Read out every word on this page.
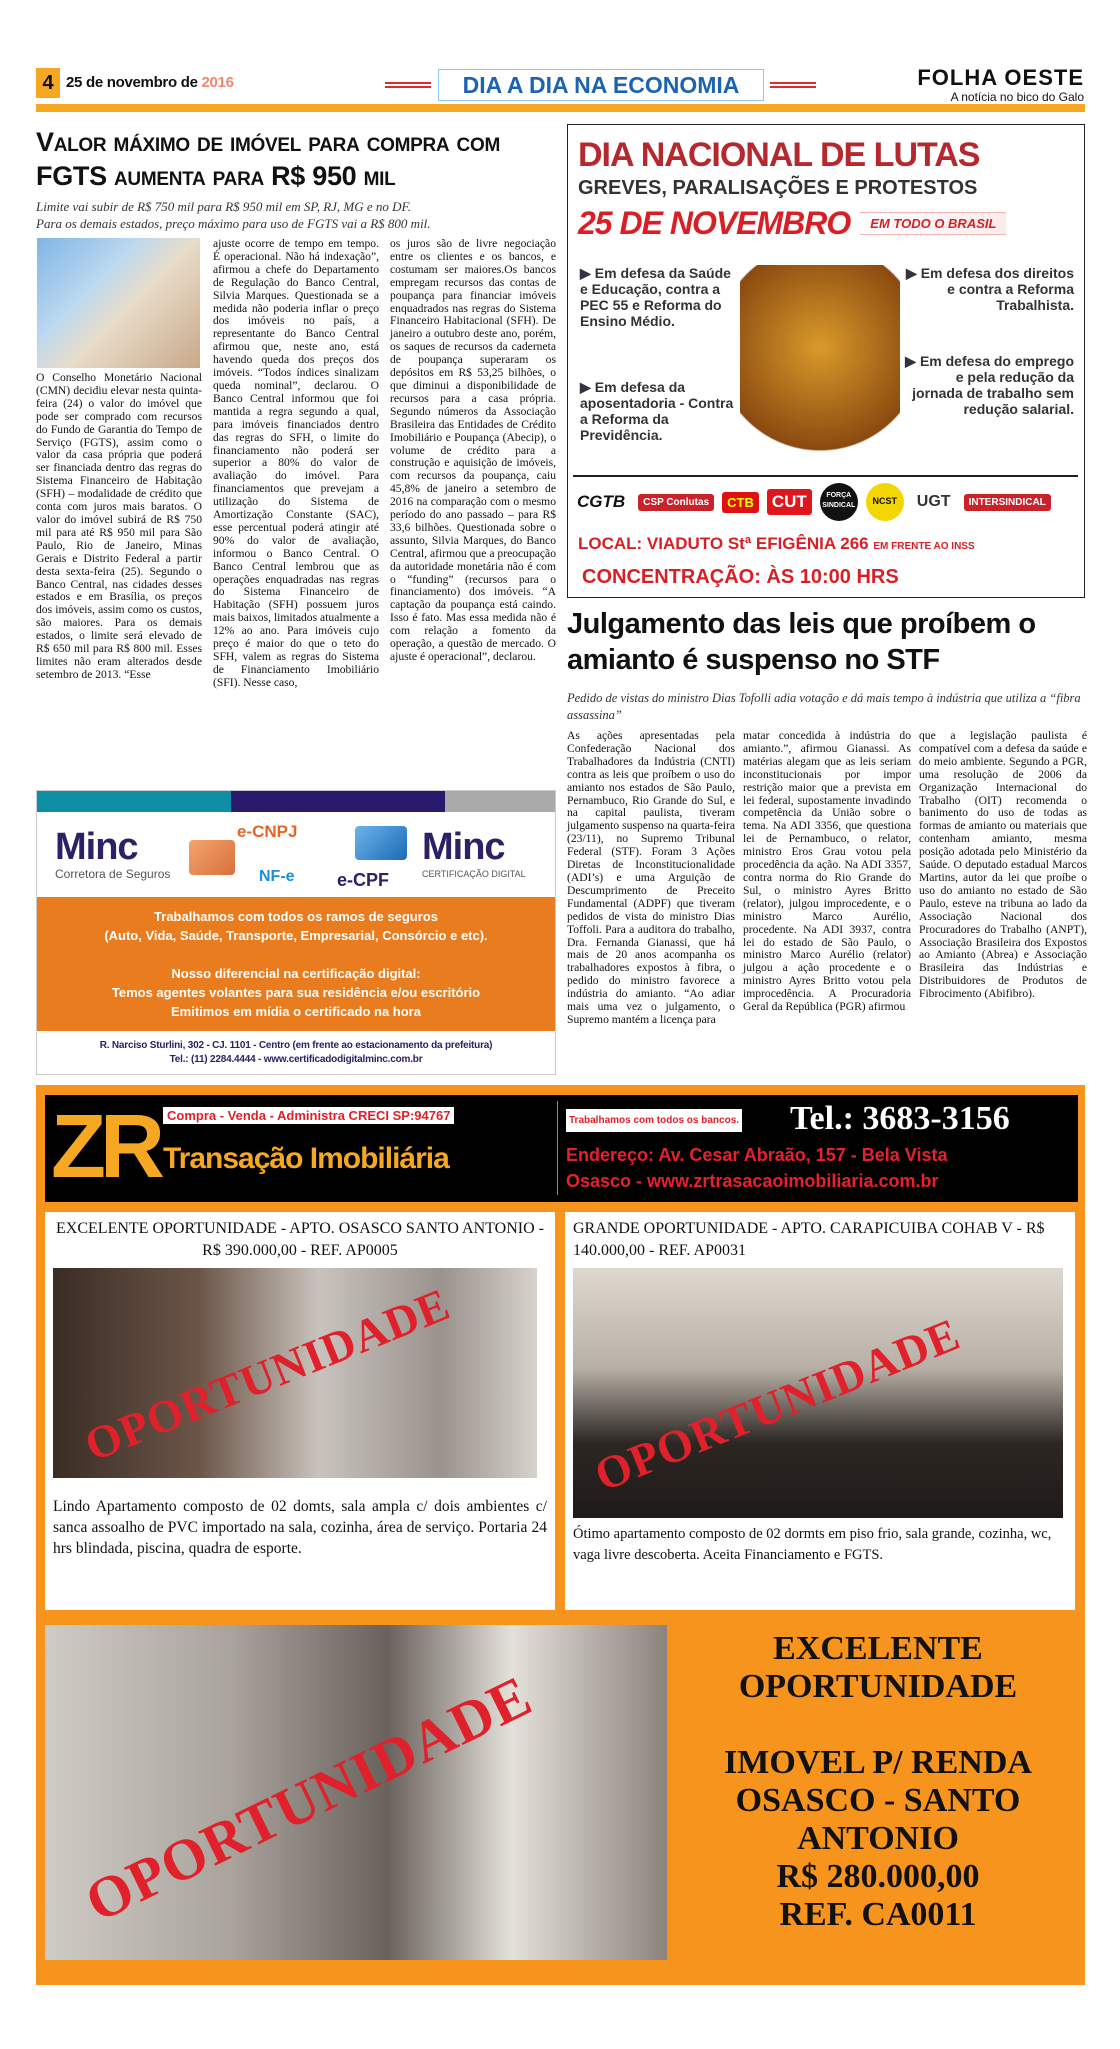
4 25 de novembro de 2016	DIA A DIA NA ECONOMIA	FOLHA OESTE
A notícia no bico do Galo
Valor máximo de imóvel para compra com FGTS aumenta para R$ 950 mil
Limite vai subir de R$ 750 mil para R$ 950 mil em SP, RJ, MG e no DF.
Para os demais estados, preço máximo para uso de FGTS vai a R$ 800 mil.

O Conselho Monetário Nacional (CMN) decidiu elevar nesta quinta-feira (24) o valor do imóvel que pode ser comprado com recursos do Fundo de Garantia do Tempo de Serviço (FGTS), assim como o valor da casa própria que poderá ser financiada dentro das regras do Sistema Financeiro de Habitação (SFH) – modalidade de crédito que conta com juros mais baratos. O valor do imóvel subirá de R$ 750 mil para até R$ 950 mil para São Paulo, Rio de Janeiro, Minas Gerais e Distrito Federal a partir desta sexta-feira (25). Segundo o Banco Central, nas cidades desses estados e em Brasília, os preços dos imóveis, assim como os custos, são maiores. Para os demais estados, o limite será elevado de R$ 650 mil para R$ 800 mil. Esses limites não eram alterados desde setembro de 2013. “Esse

ajuste ocorre de tempo em tempo. É operacional. Não há indexação”, afirmou a chefe do Departamento de Regulação do Banco Central, Silvia Marques. Questionada se a medida não poderia inflar o preço dos imóveis no país, a representante do Banco Central afirmou que, neste ano, está havendo queda dos preços dos imóveis. “Todos índices sinalizam queda nominal”, declarou. O Banco Central informou que foi mantida a regra segundo a qual, para imóveis financiados dentro das regras do SFH, o limite do financiamento não poderá ser superior a 80% do valor de avaliação do imóvel. Para financiamentos que prevejam a utilização do Sistema de Amortização Constante (SAC), esse percentual poderá atingir até 90% do valor de avaliação, informou o Banco Central. O Banco Central lembrou que as operações enquadradas nas regras do Sistema Financeiro de Habitação (SFH) possuem juros mais baixos, limitados atualmente a 12% ao ano. Para imóveis cujo preço é maior do que o teto do SFH, valem as regras do Sistema de Financiamento Imobiliário (SFI). Nesse caso,

os juros são de livre negociação entre os clientes e os bancos, e costumam ser maiores.Os bancos empregam recursos das contas de poupança para financiar imóveis enquadrados nas regras do Sistema Financeiro Habitacional (SFH). De janeiro a outubro deste ano, porém, os saques de recursos da caderneta de poupança superaram os depósitos em R$ 53,25 bilhões, o que diminui a disponibilidade de recursos para a casa própria. Segundo números da Associação Brasileira das Entidades de Crédito Imobiliário e Poupança (Abecip), o volume de crédito para a construção e aquisição de imóveis, com recursos da poupança, caiu 45,8% de janeiro a setembro de 2016 na comparação com o mesmo período do ano passado – para R$ 33,6 bilhões. Questionada sobre o assunto, Silvia Marques, do Banco Central, afirmou que a preocupação da autoridade monetária não é com o “funding” (recursos para o financiamento) dos imóveis. “A captação da poupança está caindo. Isso é fato. Mas essa medida não é com relação a fomento da operação, a questão de mercado. O ajuste é operacional”, declarou.

DIA NACIONAL DE LUTAS
GREVES, PARALISAÇÕES E PROTESTOS
25 DE NOVEMBRO	EM TODO O BRASIL
▶ Em defesa da Saúde e Educação, contra a PEC 55 e Reforma do Ensino Médio.
▶ Em defesa da aposentadoria - Contra a Reforma da Previdência.
▶ Em defesa dos direitos e contra a Reforma Trabalhista.
▶ Em defesa do emprego e pela redução da jornada de trabalho sem redução salarial.
CGTB	CSP Conlutas	CTB CUT	FORÇA SINDICAL	NCST	UGT	INTERSINDICAL
LOCAL: VIADUTO Stª EFIGÊNIA 266 EM FRENTE AO INSS
CONCENTRAÇÃO: ÀS 10:00 HRS
Julgamento das leis que proíbem o amianto é suspenso no STF
Pedido de vistas do ministro Dias Tofolli adia votação e dá mais tempo à indústria que utiliza a “fibra assassina”

As ações apresentadas pela Confederação Nacional dos Trabalhadores da Indústria (CNTI) contra as leis que proíbem o uso do amianto nos estados de São Paulo, Pernambuco, Rio Grande do Sul, e na capital paulista, tiveram julgamento suspenso na quarta-feira (23/11), no Supremo Tribunal Federal (STF). Foram 3 Ações Diretas de Inconstitucionalidade (ADI’s) e uma Arguição de Descumprimento de Preceito Fundamental (ADPF) que tiveram pedidos de vista do ministro Dias Toffoli. Para a auditora do trabalho, Dra. Fernanda Gianassi, que há mais de 20 anos acompanha os trabalhadores expostos à fibra, o pedido do ministro favorece a indústria do amianto. “Ao adiar mais uma vez o julgamento, o Supremo mantém a licença para

matar concedida à indústria do amianto.”, afirmou Gianassi. As matérias alegam que as leis seriam inconstitucionais por impor restrição maior que a prevista em lei federal, supostamente invadindo competência da União sobre o tema. Na ADI 3356, que questiona lei de Pernambuco, o relator, ministro Eros Grau votou pela procedência da ação. Na ADI 3357, contra norma do Rio Grande do Sul, o ministro Ayres Britto (relator), julgou improcedente, e o ministro Marco Aurélio, procedente. Na ADI 3937, contra lei do estado de São Paulo, o ministro Marco Aurélio (relator) julgou a ação procedente e o ministro Ayres Britto votou pela improcedência. A Procuradoria Geral da República (PGR) afirmou

que a legislação paulista é compatível com a defesa da saúde e do meio ambiente. Segundo a PGR, uma resolução de 2006 da Organização Internacional do Trabalho (OIT) recomenda o banimento do uso de todas as formas de amianto ou materiais que contenham amianto, mesma posição adotada pelo Ministério da Saúde. O deputado estadual Marcos Martins, autor da lei que proíbe o uso do amianto no estado de São Paulo, esteve na tribuna ao lado da Associação Nacional dos Procuradores do Trabalho (ANPT), Associação Brasileira dos Expostos ao Amianto (Abrea) e Associação Brasileira das Indústrias e Distribuidores de Produtos de Fibrocimento (Abifibro).

Minc
Corretora de Seguros
e-CNPJ
NF-e e-CPF
Minc
CERTIFICAÇÃO DIGITAL
Trabalhamos com todos os ramos de seguros
(Auto, Vida, Saúde, Transporte, Empresarial, Consórcio e etc).
Nosso diferencial na certificação digital:
Temos agentes volantes para sua residência e/ou escritório
Emitimos em mídia o certificado na hora
R. Narciso Sturlini, 302 - CJ. 1101 - Centro (em frente ao estacionamento da prefeitura)
Tel.: (11) 2284.4444 - www.certificadodigitalminc.com.br
ZR Compra - Venda - Administra CRECI SP:94767
Transação Imobiliária
Trabalhamos com todos os bancos. Tel.: 3683-3156
Endereço: Av. Cesar Abraão, 157 - Bela Vista
Osasco - www.zrtrasacaoimobiliaria.com.br
EXCELENTE OPORTUNIDADE - APTO. OSASCO SANTO ANTONIO - R$ 390.000,00 - REF. AP0005
OPORTUNIDADE
Lindo Apartamento composto de 02 domts, sala ampla c/ dois ambientes c/ sanca assoalho de PVC importado na sala, cozinha, área de serviço. Portaria 24 hrs blindada, piscina, quadra de esporte.
GRANDE OPORTUNIDADE - APTO. CARAPICUIBA COHAB V - R$ 140.000,00 - REF. AP0031
OPORTUNIDADE
Ótimo apartamento composto de 02 dormts em piso frio, sala grande, cozinha, wc, vaga livre descoberta. Aceita Financiamento e FGTS.
OPORTUNIDADE
EXCELENTE
OPORTUNIDADE
IMOVEL P/ RENDA
OSASCO - SANTO
ANTONIO
R$ 280.000,00
REF. CA0011
